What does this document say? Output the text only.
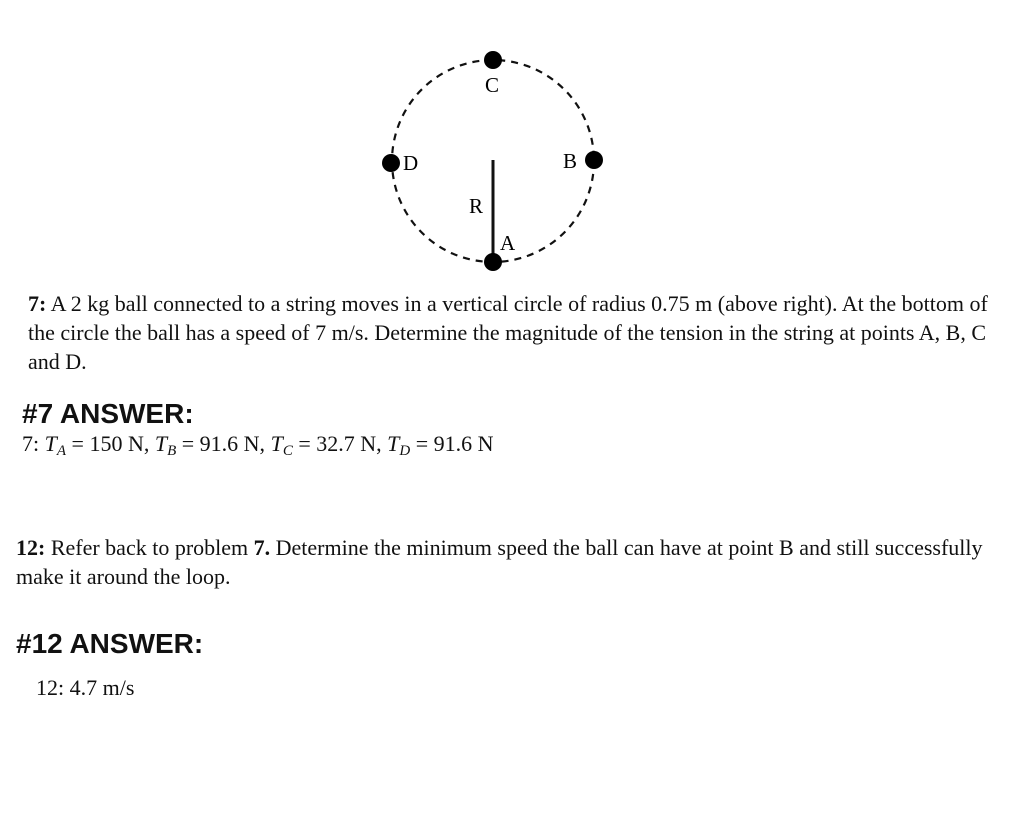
C
B
D
A
R

7: A 2 kg ball connected to a string moves in a vertical circle of radius 0.75 m (above right). At the bottom of the circle the ball has a speed of 7 m/s. Determine the magnitude of the tension in the string at points A, B, C and D.

#7 ANSWER:

7: $T_A = 150$ N, $T_B = 91.6$ N, $T_C = 32.7$ N, $T_D = 91.6$ N

12: Refer back to problem 7. Determine the minimum speed the ball can have at point B and still successfully make it around the loop.

#12 ANSWER:

12: 4.7 m/s
